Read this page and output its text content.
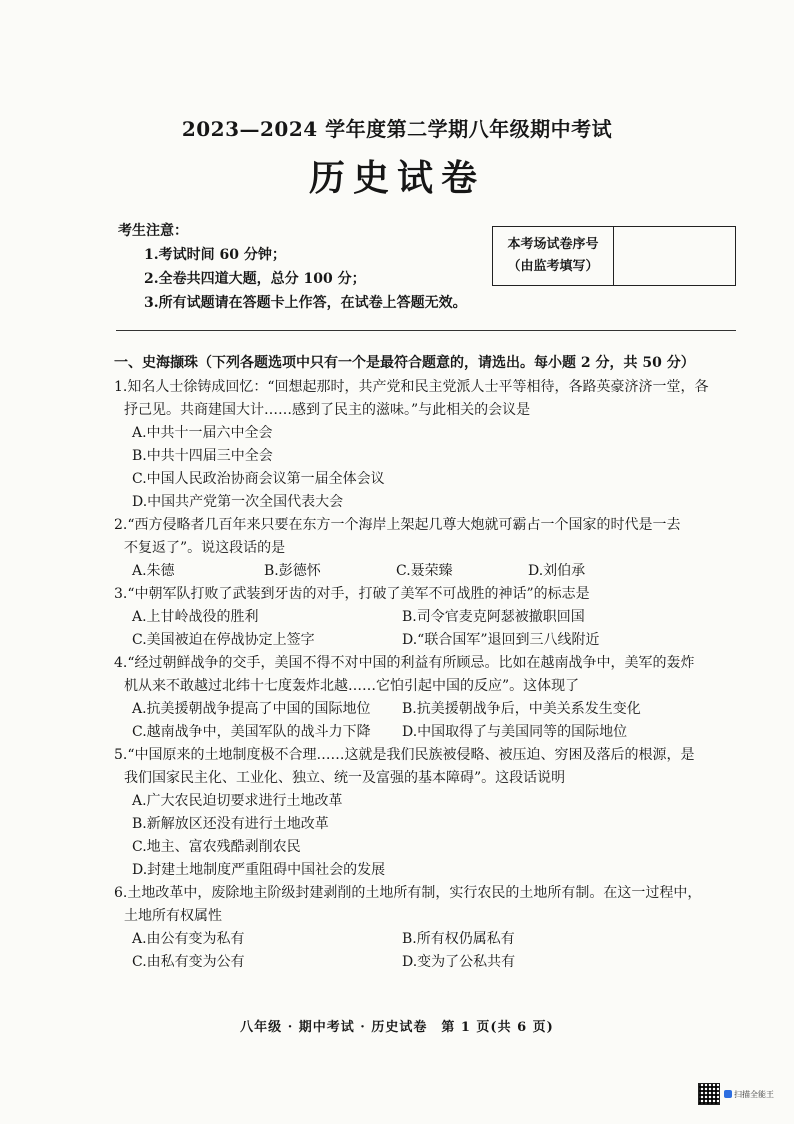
2023—2024 学年度第二学期八年级期中考试
历史试卷
考生注意：
1.考试时间 60 分钟；
2.全卷共四道大题，总分 100 分；
3.所有试题请在答题卡上作答，在试卷上答题无效。
本考场试卷序号
（由监考填写）
一、史海撷珠（下列各题选项中只有一个是最符合题意的，请选出。每小题 2 分，共 50 分）
1.知名人士徐铸成回忆：“回想起那时，共产党和民主党派人士平等相待，各路英豪济济一堂，各
抒己见。共商建国大计……感到了民主的滋味。”与此相关的会议是
A.中共十一届六中全会
B.中共十四届三中全会
C.中国人民政治协商会议第一届全体会议
D.中国共产党第一次全国代表大会
2.“西方侵略者几百年来只要在东方一个海岸上架起几尊大炮就可霸占一个国家的时代是一去
不复返了”。说这段话的是
A.朱德	B.彭德怀	C.聂荣臻	D.刘伯承
3.“中朝军队打败了武装到牙齿的对手，打破了美军不可战胜的神话”的标志是
A.上甘岭战役的胜利	B.司令官麦克阿瑟被撤职回国
C.美国被迫在停战协定上签字	D.“联合国军”退回到三八线附近
4.“经过朝鲜战争的交手，美国不得不对中国的利益有所顾忌。比如在越南战争中，美军的轰炸
机从来不敢越过北纬十七度轰炸北越……它怕引起中国的反应”。这体现了
A.抗美援朝战争提高了中国的国际地位	B.抗美援朝战争后，中美关系发生变化
C.越南战争中，美国军队的战斗力下降	D.中国取得了与美国同等的国际地位
5.“中国原来的土地制度极不合理……这就是我们民族被侵略、被压迫、穷困及落后的根源，是
我们国家民主化、工业化、独立、统一及富强的基本障碍”。这段话说明
A.广大农民迫切要求进行土地改革
B.新解放区还没有进行土地改革
C.地主、富农残酷剥削农民
D.封建土地制度严重阻碍中国社会的发展
6.土地改革中，废除地主阶级封建剥削的土地所有制，实行农民的土地所有制。在这一过程中，
土地所有权属性
A.由公有变为私有	B.所有权仍属私有
C.由私有变为公有	D.变为了公私共有
八年级 · 期中考试 · 历史试卷　第 1 页(共 6 页)
扫描全能王
